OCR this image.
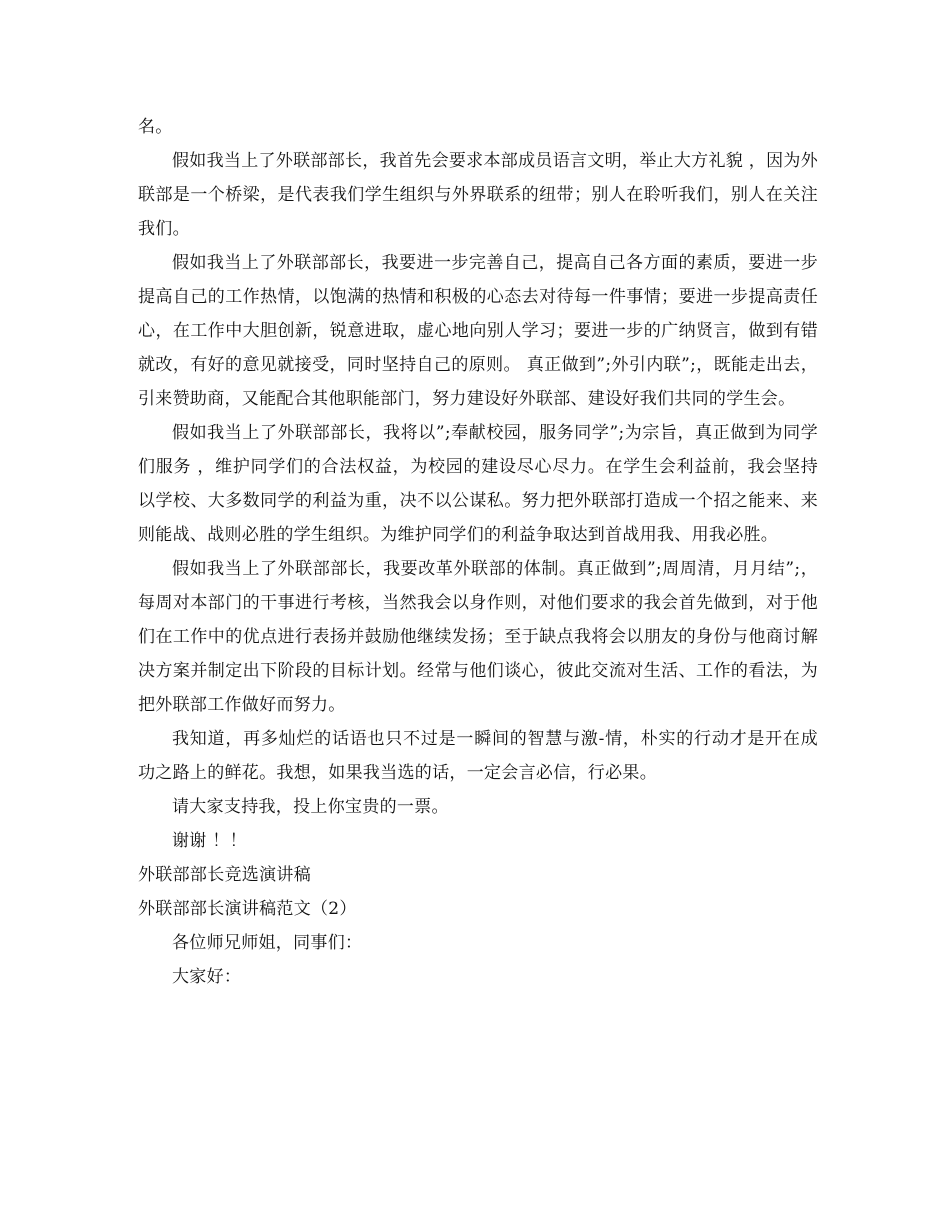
名。

假如我当上了外联部部长，我首先会要求本部成员语言文明，举止大方礼貌 ，因为外联部是一个桥梁，是代表我们学生组织与外界联系的纽带；别人在聆听我们，别人在关注我们。

假如我当上了外联部部长，我要进一步完善自己，提高自己各方面的素质，要进一步提高自己的工作热情，以饱满的热情和积极的心态去对待每一件事情；要进一步提高责任心，在工作中大胆创新，锐意进取，虚心地向别人学习；要进一步的广纳贤言，做到有错就改，有好的意见就接受，同时坚持自己的原则。 真正做到”;外引内联”;，既能走出去，引来赞助商，又能配合其他职能部门，努力建设好外联部、建设好我们共同的学生会。

假如我当上了外联部部长，我将以”;奉献校园，服务同学”;为宗旨，真正做到为同学们服务 ，维护同学们的合法权益，为校园的建设尽心尽力。在学生会利益前，我会坚持以学校、大多数同学的利益为重，决不以公谋私。努力把外联部打造成一个招之能来、来则能战、战则必胜的学生组织。为维护同学们的利益争取达到首战用我、用我必胜。

假如我当上了外联部部长，我要改革外联部的体制。真正做到”;周周清，月月结”;，每周对本部门的干事进行考核，当然我会以身作则，对他们要求的我会首先做到，对于他们在工作中的优点进行表扬并鼓励他继续发扬；至于缺点我将会以朋友的身份与他商讨解决方案并制定出下阶段的目标计划。经常与他们谈心，彼此交流对生活、工作的看法，为把外联部工作做好而努力。

我知道，再多灿烂的话语也只不过是一瞬间的智慧与激-情，朴实的行动才是开在成功之路上的鲜花。我想，如果我当选的话，一定会言必信，行必果。

请大家支持我，投上你宝贵的一票。

谢谢 ！！

外联部部长竞选演讲稿

外联部部长演讲稿范文（2）

各位师兄师姐，同事们：

大家好：
